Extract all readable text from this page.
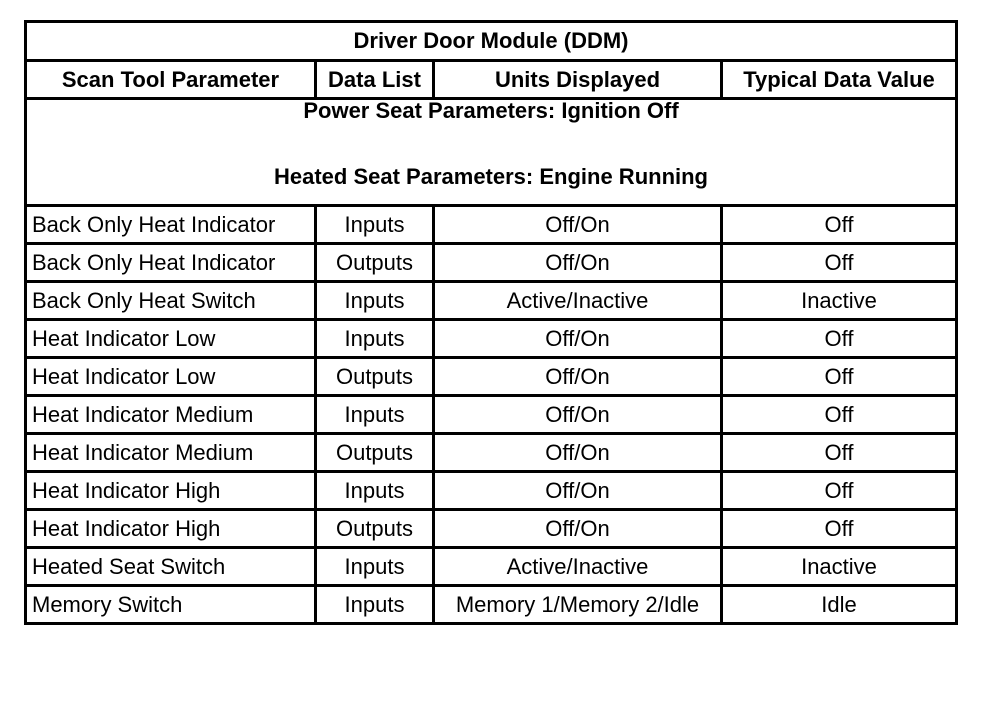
Driver Door Module (DDM)			
Scan Tool Parameter	Data List	Units Displayed	Typical Data Value

Power Seat Parameters: Ignition Off
Heated Seat Parameters: Engine Running			

Back Only Heat Indicator	Inputs	Off/On	Off
Back Only Heat Indicator	Outputs	Off/On	Off
Back Only Heat Switch	Inputs	Active/Inactive	Inactive
Heat Indicator Low	Inputs	Off/On	Off
Heat Indicator Low	Outputs	Off/On	Off
Heat Indicator Medium	Inputs	Off/On	Off
Heat Indicator Medium	Outputs	Off/On	Off
Heat Indicator High	Inputs	Off/On	Off
Heat Indicator High	Outputs	Off/On	Off
Heated Seat Switch	Inputs	Active/Inactive	Inactive
Memory Switch	Inputs	Memory 1/Memory 2/Idle	Idle
